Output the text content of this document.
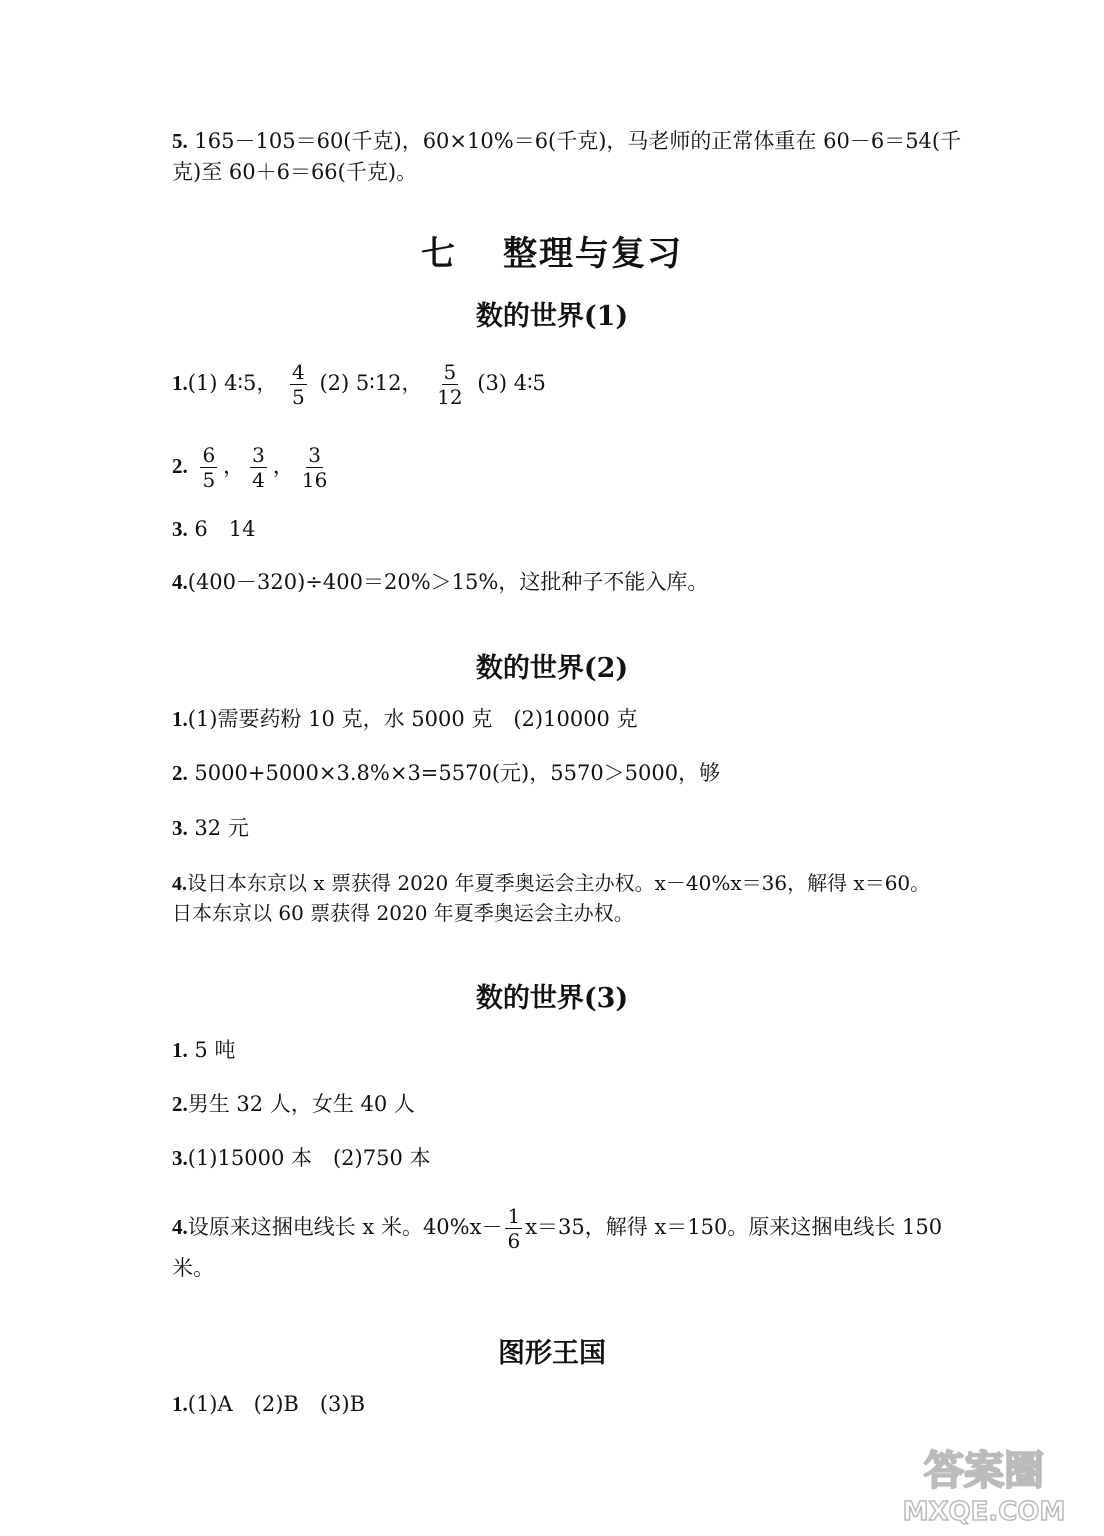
5. 165－105＝60(千克)，60×10%＝6(千克)，马老师的正常体重在 60－6＝54(千
克)至 60＋6＝66(千克)。
七 整理与复习
数的世界(1)
1.(1) 4∶5， $\frac{4}{5} (2)$ 5∶12， $\frac{5}{12} (3)$ 4∶5
2. $\frac{6}{5}$ ， $\frac{3}{4}$ ， $\frac{3}{16}$
3. 6　14
4.(400－320)÷400＝20%＞15%，这批种子不能入库。
数的世界(2)
1.(1)需要药粉 10 克，水 5000 克　(2)10000 克
2. 5000+5000×3.8%×3=5570(元)，5570＞5000，够
3. 32 元
4.设日本东京以 x 票获得 2020 年夏季奥运会主办权。x－40%x＝36，解得 x＝60。
日本东京以 60 票获得 2020 年夏季奥运会主办权。
数的世界(3)
1. 5 吨
2.男生 32 人，女生 40 人
3.(1)15000 本　(2)750 本
4.设原来这捆电线长 x 米。$40\%x- \frac{1}{6} x=35$，解得 x＝150。原来这捆电线长 150
米。
图形王国
1.(1)A　(2)B　(3)B
答案圈
MXQE.COM
